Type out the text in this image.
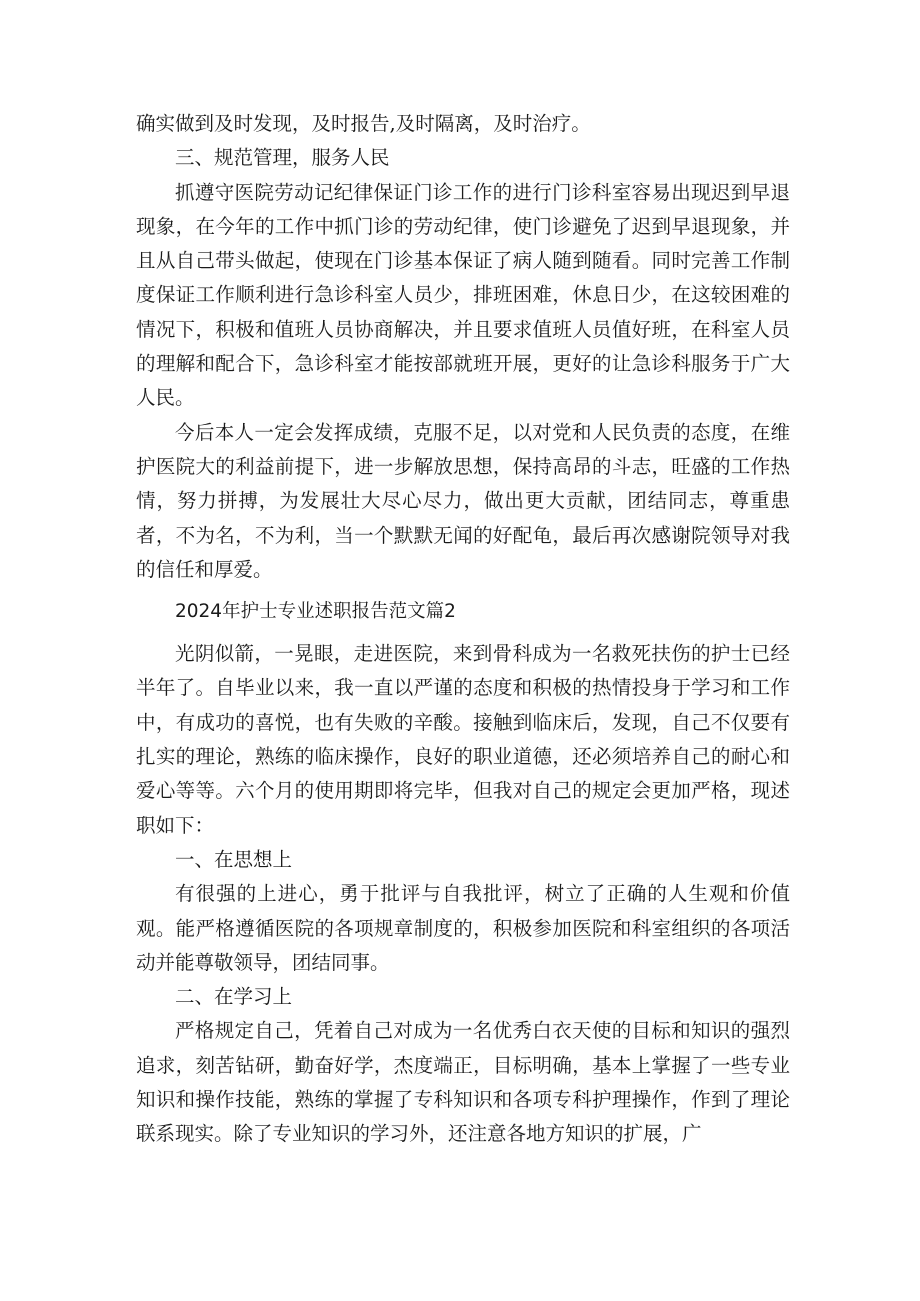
确实做到及时发现，及时报告,及时隔离，及时治疗。

三、规范管理，服务人民

抓遵守医院劳动记纪律保证门诊工作的进行门诊科室容易出现迟到早退现象，在今年的工作中抓门诊的劳动纪律，使门诊避免了迟到早退现象，并且从自己带头做起，使现在门诊基本保证了病人随到随看。同时完善工作制度保证工作顺利进行急诊科室人员少，排班困难，休息日少，在这较困难的情况下，积极和值班人员协商解决，并且要求值班人员值好班，在科室人员的理解和配合下，急诊科室才能按部就班开展，更好的让急诊科服务于广大人民。

今后本人一定会发挥成绩，克服不足，以对党和人民负责的态度，在维护医院大的利益前提下，进一步解放思想，保持高昂的斗志，旺盛的工作热情，努力拼搏，为发展壮大尽心尽力，做出更大贡献，团结同志，尊重患者，不为名，不为利，当一个默默无闻的好配龟，最后再次感谢院领导对我的信任和厚爱。

2024年护士专业述职报告范文篇2

光阴似箭，一晃眼，走进医院，来到骨科成为一名救死扶伤的护士已经半年了。自毕业以来，我一直以严谨的态度和积极的热情投身于学习和工作中，有成功的喜悦，也有失败的辛酸。接触到临床后，发现，自己不仅要有扎实的理论，熟练的临床操作，良好的职业道德，还必须培养自己的耐心和爱心等等。六个月的使用期即将完毕，但我对自己的规定会更加严格，现述职如下：

一、在思想上

有很强的上进心，勇于批评与自我批评，树立了正确的人生观和价值观。能严格遵循医院的各项规章制度的，积极参加医院和科室组织的各项活动并能尊敬领导，团结同事。

二、在学习上

严格规定自己，凭着自己对成为一名优秀白衣天使的目标和知识的强烈追求，刻苦钻研，勤奋好学，杰度端正，目标明确，基本上掌握了一些专业知识和操作技能，熟练的掌握了专科知识和各项专科护理操作，作到了理论联系现实。除了专业知识的学习外，还注意各地方知识的扩展，广
